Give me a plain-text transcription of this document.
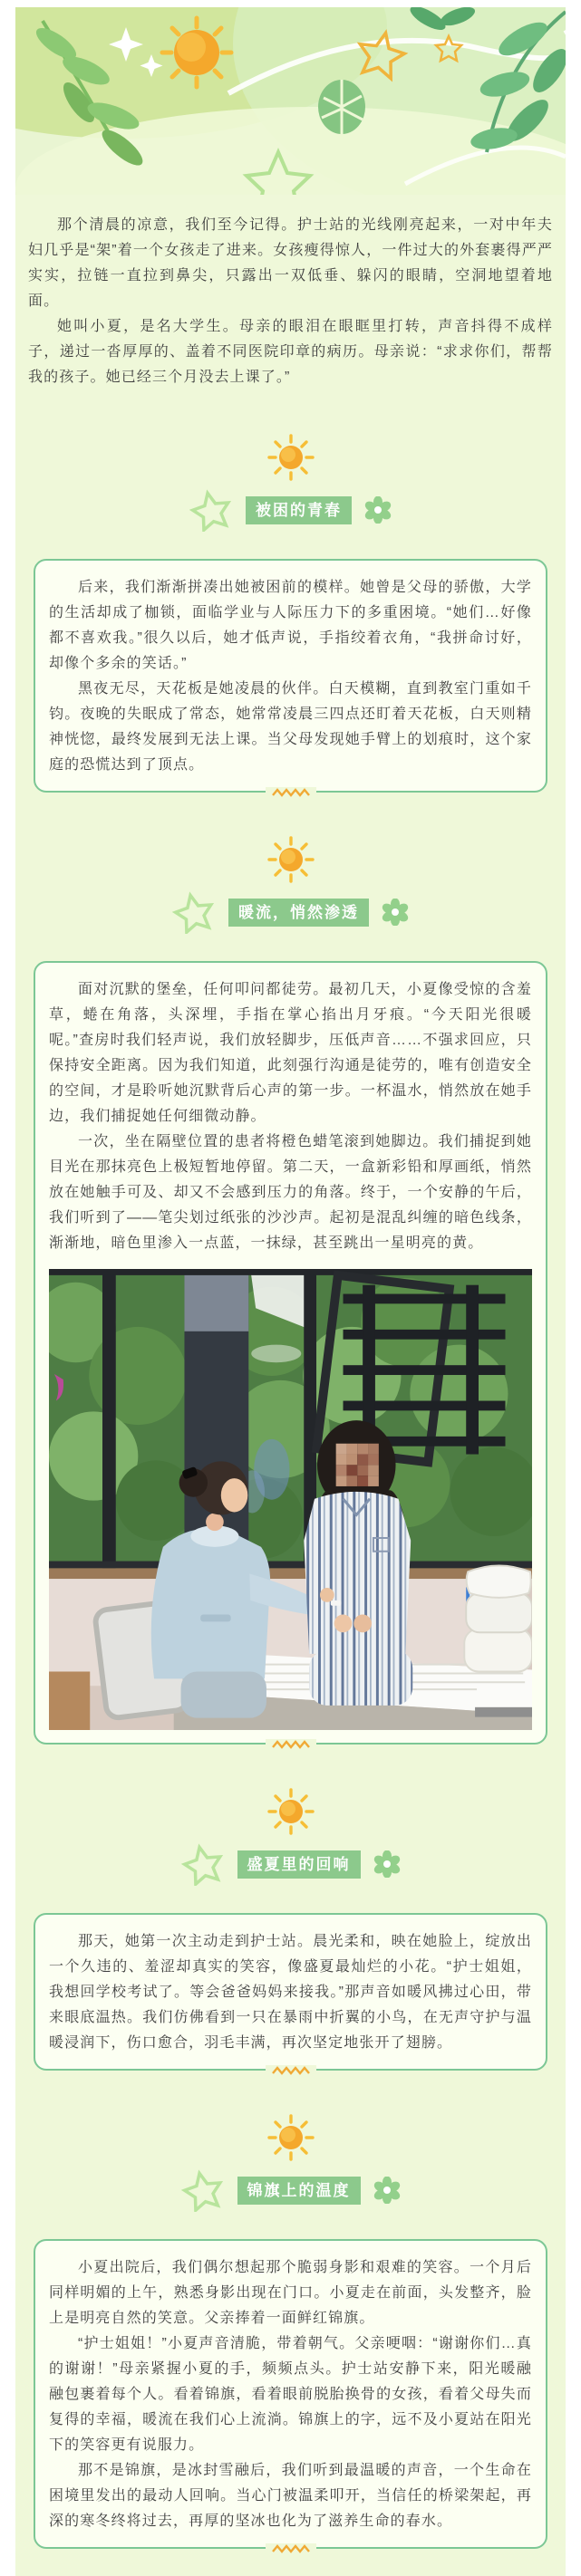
那个清晨的凉意，我们至今记得。护士站的光线刚亮起来，一对中年夫妇几乎是“架”着一个女孩走了进来。女孩瘦得惊人，一件过大的外套裹得严严实实，拉链一直拉到鼻尖，只露出一双低垂、躲闪的眼睛，空洞地望着地面。

她叫小夏，是名大学生。母亲的眼泪在眼眶里打转，声音抖得不成样子，递过一沓厚厚的、盖着不同医院印章的病历。母亲说：“求求你们，帮帮我的孩子。她已经三个月没去上课了。”

被困的青春

后来，我们渐渐拼凑出她被困前的模样。她曾是父母的骄傲，大学的生活却成了枷锁，面临学业与人际压力下的多重困境。“她们…好像都不喜欢我。”很久以后，她才低声说，手指绞着衣角，“我拼命讨好，却像个多余的笑话。”

黑夜无尽，天花板是她凌晨的伙伴。白天模糊，直到教室门重如千钧。夜晚的失眠成了常态，她常常凌晨三四点还盯着天花板，白天则精神恍惚，最终发展到无法上课。当父母发现她手臂上的划痕时，这个家庭的恐慌达到了顶点。

暖流，悄然渗透

面对沉默的堡垒，任何叩问都徒劳。最初几天，小夏像受惊的含羞草，蜷在角落，头深埋，手指在掌心掐出月牙痕。“今天阳光很暖呢。”查房时我们轻声说，我们放轻脚步，压低声音……不强求回应，只保持安全距离。因为我们知道，此刻强行沟通是徒劳的，唯有创造安全的空间，才是聆听她沉默背后心声的第一步。一杯温水，悄然放在她手边，我们捕捉她任何细微动静。

一次，坐在隔壁位置的患者将橙色蜡笔滚到她脚边。我们捕捉到她目光在那抹亮色上极短暂地停留。第二天，一盒新彩铅和厚画纸，悄然放在她触手可及、却又不会感到压力的角落。终于，一个安静的午后，我们听到了——笔尖划过纸张的沙沙声。起初是混乱纠缠的暗色线条，渐渐地，暗色里渗入一点蓝，一抹绿，甚至跳出一星明亮的黄。

盛夏里的回响

那天，她第一次主动走到护士站。晨光柔和，映在她脸上，绽放出一个久违的、羞涩却真实的笑容，像盛夏最灿烂的小花。“护士姐姐，我想回学校考试了。等会爸爸妈妈来接我。”那声音如暖风拂过心田，带来眼底温热。我们仿佛看到一只在暴雨中折翼的小鸟，在无声守护与温暖浸润下，伤口愈合，羽毛丰满，再次坚定地张开了翅膀。

锦旗上的温度

小夏出院后，我们偶尔想起那个脆弱身影和艰难的笑容。一个月后同样明媚的上午，熟悉身影出现在门口。小夏走在前面，头发整齐，脸上是明亮自然的笑意。父亲捧着一面鲜红锦旗。

“护士姐姐！”小夏声音清脆，带着朝气。父亲哽咽：“谢谢你们…真的谢谢！”母亲紧握小夏的手，频频点头。护士站安静下来，阳光暖融融包裹着每个人。看着锦旗，看着眼前脱胎换骨的女孩，看着父母失而复得的幸福，暖流在我们心上流淌。锦旗上的字，远不及小夏站在阳光下的笑容更有说服力。

那不是锦旗，是冰封雪融后，我们听到最温暖的声音，一个生命在困境里发出的最动人回响。当心门被温柔叩开，当信任的桥梁架起，再深的寒冬终将过去，再厚的坚冰也化为了滋养生命的春水。
